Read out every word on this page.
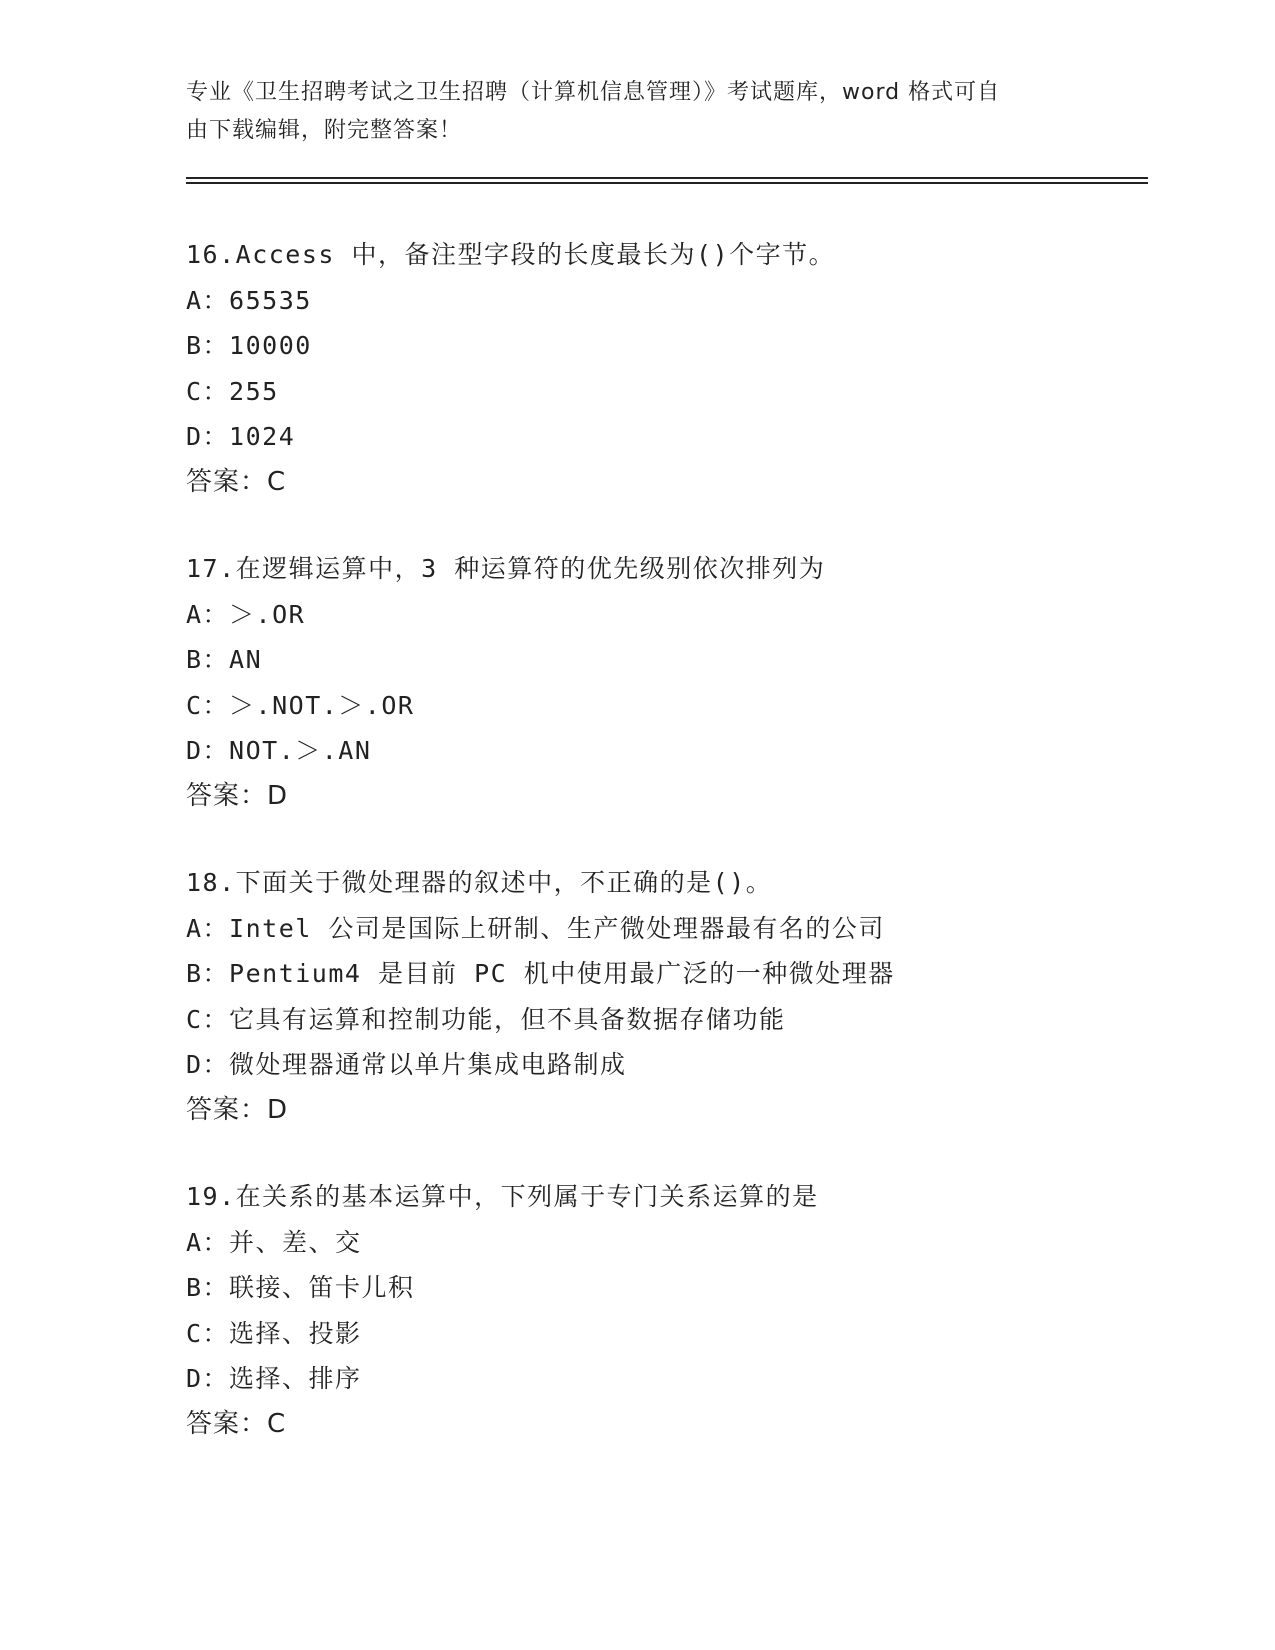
专业《卫生招聘考试之卫生招聘（计算机信息管理）》考试题库，word 格式可自
由下载编辑，附完整答案！
16.Access 中，备注型字段的长度最长为()个字节。
A：65535
B：10000
C：255
D：1024
答案：C
17.在逻辑运算中，3 种运算符的优先级别依次排列为
A：＞.OR
B：AN
C：＞.NOT.＞.OR
D：NOT.＞.AN
答案：D
18.下面关于微处理器的叙述中，不正确的是()。
A：Intel 公司是国际上研制、生产微处理器最有名的公司
B：Pentium4 是目前 PC 机中使用最广泛的一种微处理器
C：它具有运算和控制功能，但不具备数据存储功能
D：微处理器通常以单片集成电路制成
答案：D
19.在关系的基本运算中，下列属于专门关系运算的是
A：并、差、交
B：联接、笛卡儿积
C：选择、投影
D：选择、排序
答案：C
